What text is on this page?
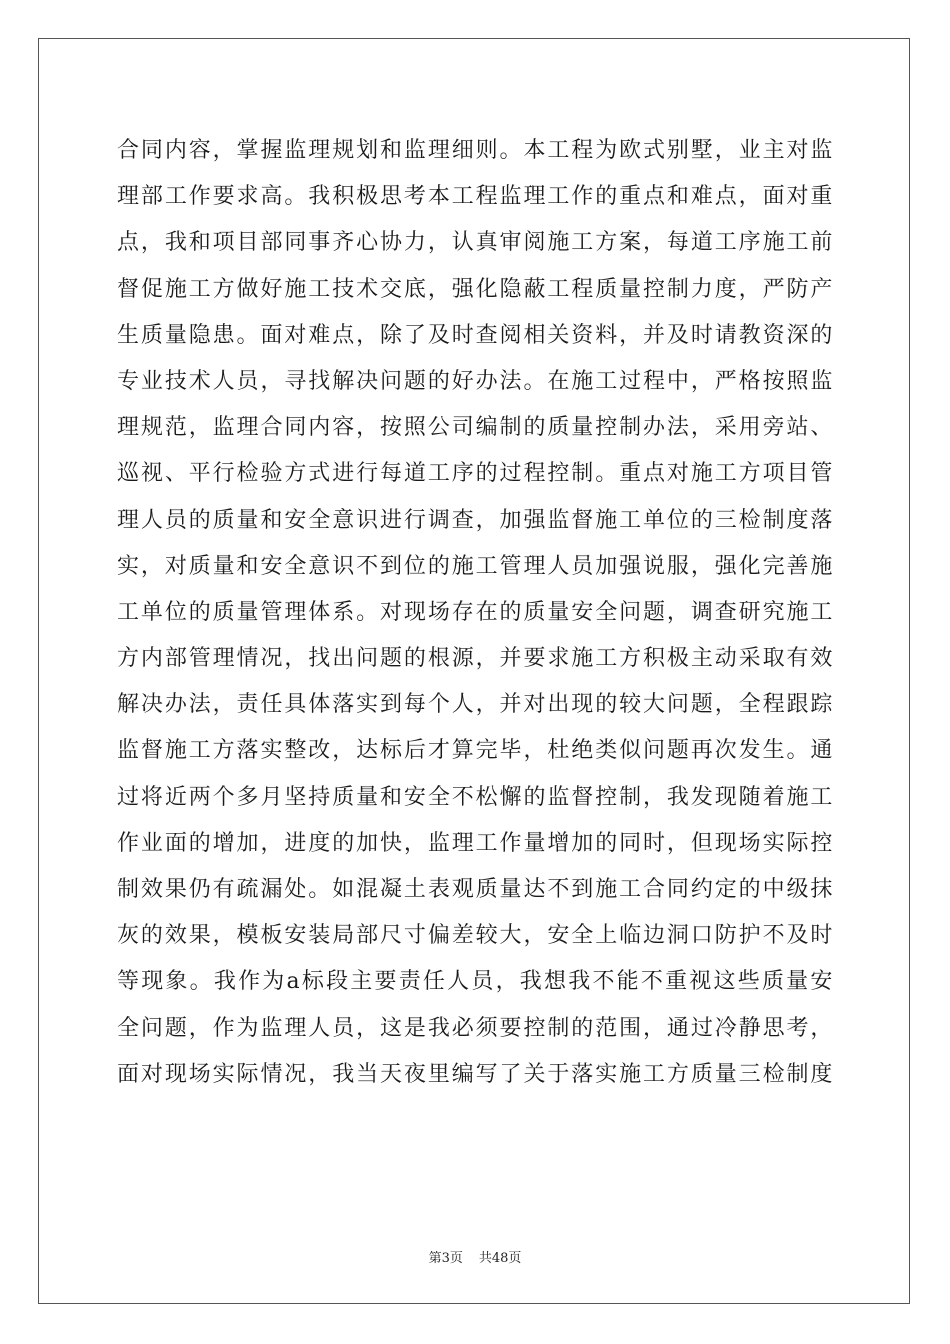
合同内容，掌握监理规划和监理细则。本工程为欧式别墅，业主对监
理部工作要求高。我积极思考本工程监理工作的重点和难点，面对重
点，我和项目部同事齐心协力，认真审阅施工方案，每道工序施工前
督促施工方做好施工技术交底，强化隐蔽工程质量控制力度，严防产
生质量隐患。面对难点，除了及时查阅相关资料，并及时请教资深的
专业技术人员，寻找解决问题的好办法。在施工过程中，严格按照监
理规范，监理合同内容，按照公司编制的质量控制办法，采用旁站、
巡视、平行检验方式进行每道工序的过程控制。重点对施工方项目管
理人员的质量和安全意识进行调查，加强监督施工单位的三检制度落
实，对质量和安全意识不到位的施工管理人员加强说服，强化完善施
工单位的质量管理体系。对现场存在的质量安全问题，调查研究施工
方内部管理情况，找出问题的根源，并要求施工方积极主动采取有效
解决办法，责任具体落实到每个人，并对出现的较大问题，全程跟踪
监督施工方落实整改，达标后才算完毕，杜绝类似问题再次发生。通
过将近两个多月坚持质量和安全不松懈的监督控制，我发现随着施工
作业面的增加，进度的加快，监理工作量增加的同时，但现场实际控
制效果仍有疏漏处。如混凝土表观质量达不到施工合同约定的中级抹
灰的效果，模板安装局部尺寸偏差较大，安全上临边洞口防护不及时
等现象。我作为a标段主要责任人员，我想我不能不重视这些质量安
全问题，作为监理人员，这是我必须要控制的范围，通过冷静思考，
面对现场实际情况，我当天夜里编写了关于落实施工方质量三检制度
第3页 共48页
